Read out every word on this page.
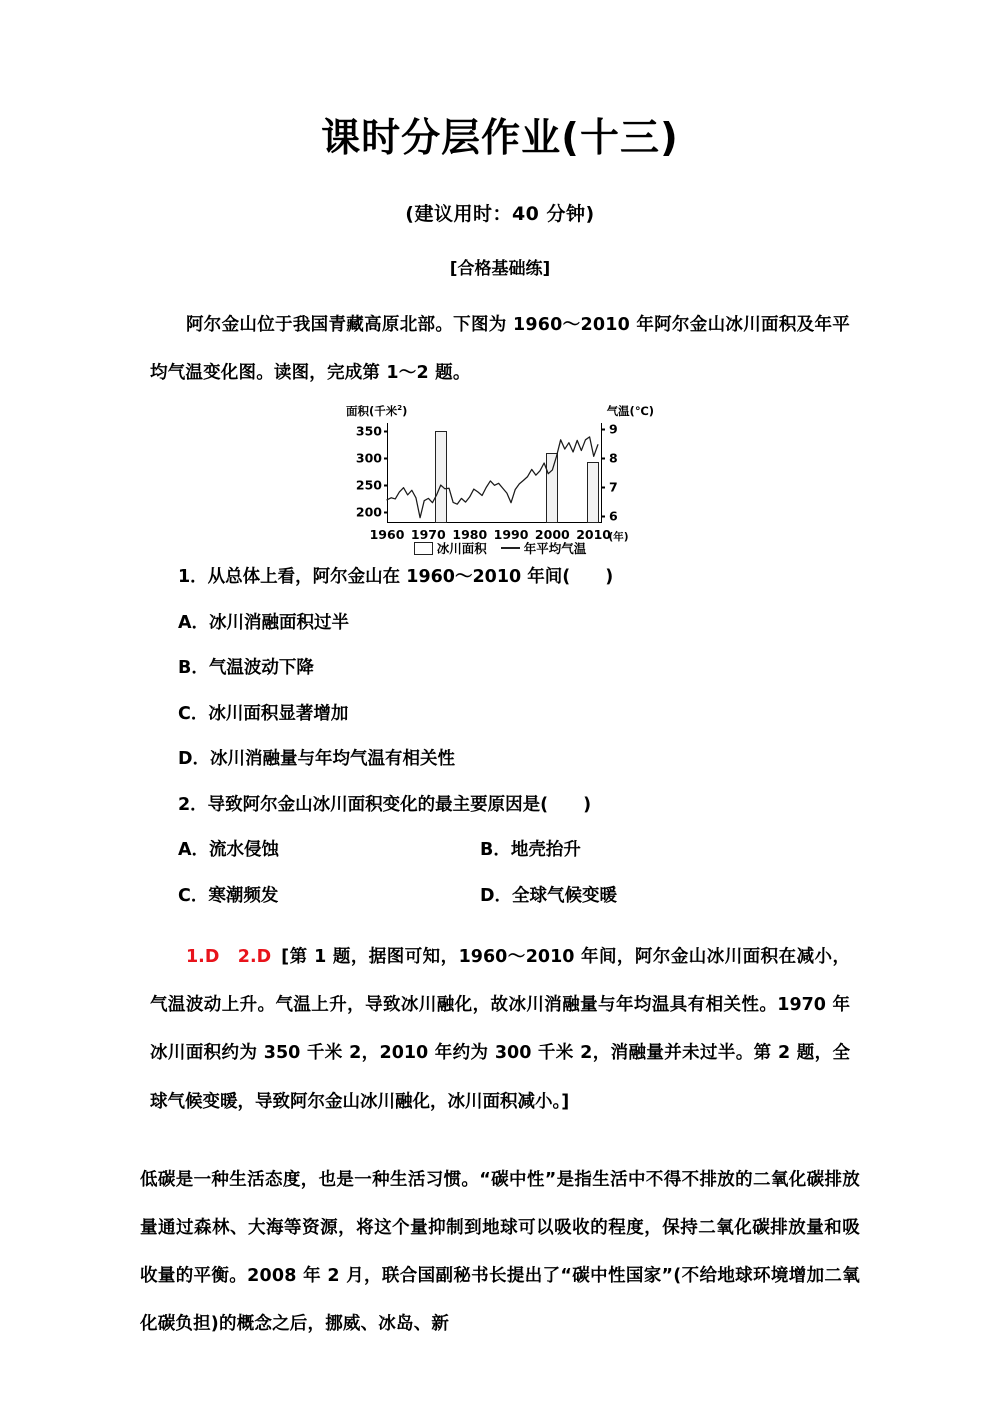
课时分层作业(十三)
(建议用时：40 分钟)
[合格基础练]

阿尔金山位于我国青藏高原北部。下图为 1960～2010 年阿尔金山冰川面积及年平均气温变化图。读图，完成第 1～2 题。

面积(千米$^2$)	气温(℃)
350
300
250
200
9
8
7
6
1960 1970 1980 1990 2000 2010
(年)
冰川面积	年平均气温
1．从总体上看，阿尔金山在 1960～2010 年间(　　)
A．冰川消融面积过半
B．气温波动下降
C．冰川面积显著增加
D．冰川消融量与年均气温有相关性
2．导致阿尔金山冰川面积变化的最主要原因是(　　)
A．流水侵蚀	B．地壳抬升
C．寒潮频发	D．全球气候变暖

1.D　2.D [第 1 题，据图可知，1960～2010 年间，阿尔金山冰川面积在减小，气温波动上升。气温上升，导致冰川融化，故冰川消融量与年均温具有相关性。1970 年冰川面积约为 350 千米 2，2010 年约为 300 千米 2，消融量并未过半。第 2 题，全球气候变暖，导致阿尔金山冰川融化，冰川面积减小。]

低碳是一种生活态度，也是一种生活习惯。“碳中性”是指生活中不得不排放的二氧化碳排放量通过森林、大海等资源，将这个量抑制到地球可以吸收的程度，保持二氧化碳排放量和吸收量的平衡。2008 年 2 月，联合国副秘书长提出了“碳中性国家”(不给地球环境增加二氧化碳负担)的概念之后，挪威、冰岛、新
